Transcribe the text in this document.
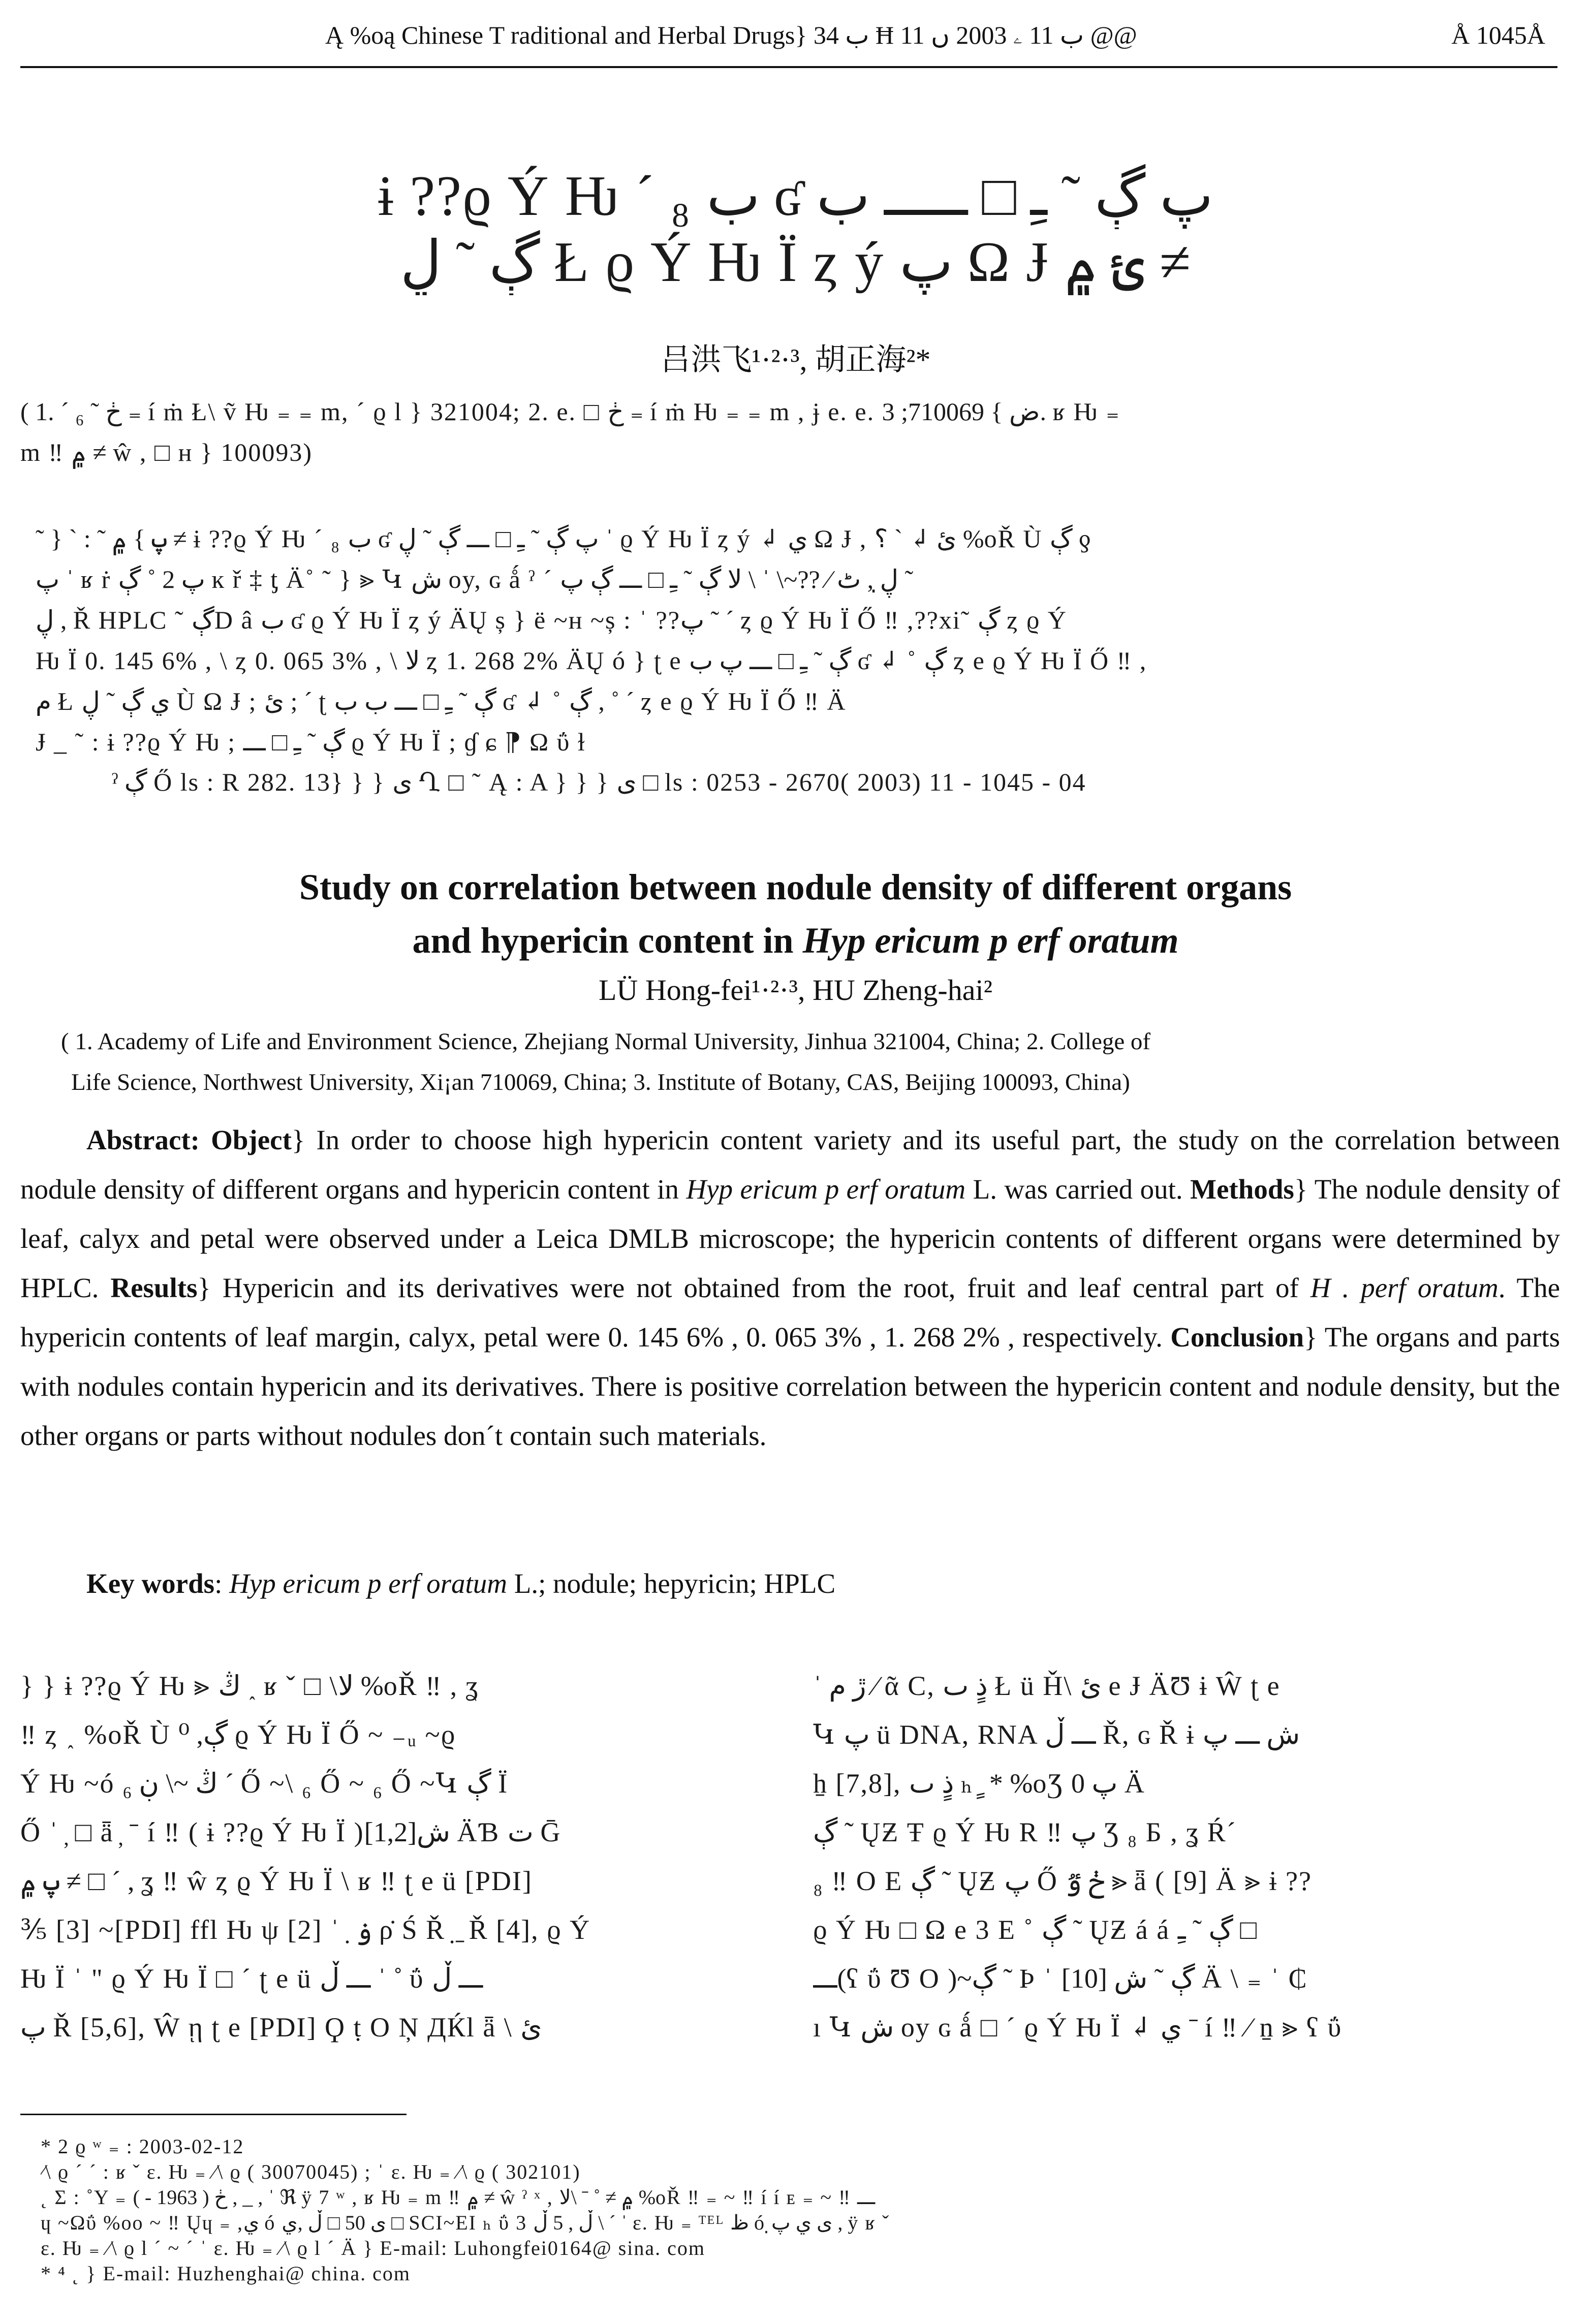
Ą %oą Chinese T raditional and Herbal Drugs} ب 34 Ħ ب 11 ۦ 2003 ں 11 @@	Å 1045Å
ɨ ??ϱ Ý Ƕ ´ ₈ ب ʛ پ ڳ ˜ ـِ □ ـــــ ب
ڳ ˜ ڸ Ł ϱ Ý Ƕ Ï ȥ ý پ Ω Ɉ ئ ۾ ≠
吕洪飞¹·²·³, 胡正海²*
( 1. ´ ₆ ˜ ڂ ₌ í ṁ Ł\ ṽ Ƕ ₌ ₌ m, ´ ϱ l } 321004; 2. e. □ ڂ ₌ í ṁ Ƕ ₌ ₌ m , ɉ e. e. ض } 710069; 3. ʁ Ƕ ₌
m ‼ ۾ ≠ ŵ , □ ʜ } 100093)
˜ } ` : ˜ پ } ۾ ≠ ɨ ??ϱ Ý Ƕ ´ ₈ ب ʛ پ ڳ ˜ ـِ □ ـــ ڳ ˜ ڸ ˈ ϱ Ý Ƕ Ï ȥ ý ↲ ي Ω Ɉ , ئ ↲ ` ؟ %oŘ Ù ڳ ƍ
پ ˈ ʁ ṙ پ 2 ˚ ڳ ĸ ř ‡ ƫ Ä˚ ˜ } ⪢ Կ ش oy, ɢ ǻ ˀ ´ ڸ̣ , ٹ ∕ ??~\ ˈ \ لا ڳ ˜ ـِ □ ـــ ڳ پ ˜
ڸ , Ř HPLC ˜ ڳD â ب ʛ ϱ Ý Ƕ Ï ȥ ý ÄŲ ș } ë ~ʜ ~ș : ˈ ??پ ˜ ´ ȥ ϱ Ý Ƕ Ï Ő ‼ ,??xi˜ ڳ ȥ ϱ Ý
Ƕ Ï 0. 145 6% , \ ȥ 0. 065 3% , \ لا ȥ 1. 268 2% ÄŲ ó } ʈ e ڳ ˜ ـِ □ ـــ پ ب ʛ ↲ ˚ ڳ ȥ e ϱ Ý Ƕ Ï Ő ‼ ,
م Ł ي ڳ ˜ ڸ Ù Ω Ɉ ; ئ ; ´ ʈ ڳ ˜ ـِ □ ـــ ب ب ʛ ↲ ˚ ڳ , ˚ ´ ȥ e ϱ Ý Ƕ Ï Ő ‼ Ä
Ɉ _ ˜ : ɨ ??ϱ Ý Ƕ ; ڳ ˜ ـِ □ ـــ ϱ Ý Ƕ Ï ; ɠ ɕ ⁋ Ω ΰ ɫ
ˀ ڳ Ő ls : R 282. 13} } } ى Ղ □ ˜ Ą : A } } } ى □ ls : 0253 - 2670( 2003) 11 - 1045 - 04
Study on correlation between nodule density of different organs
and hypericin content in Hyp ericum p erf oratum
LÜ Hong-fei¹·²·³, HU Zheng-hai²
( 1. Academy of Life and Environment Science, Zhejiang Normal University, Jinhua 321004, China; 2. College of
Life Science, Northwest University, Xi¡an 710069, China; 3. Institute of Botany, CAS, Beijing 100093, China)
Abstract: Object} In order to choose high hypericin content variety and its useful part, the study on the correlation between nodule density of different organs and hypericin content in Hyp ericum p erf oratum L. was carried out. Methods} The nodule density of leaf, calyx and petal were observed under a Leica DMLB microscope; the hypericin contents of different organs were determined by HPLC. Results} Hypericin and its derivatives were not obtained from the root, fruit and leaf central part of H . perf oratum. The hypericin contents of leaf margin, calyx, petal were 0. 145 6% , 0. 065 3% , 1. 268 2% , respectively. Conclusion} The organs and parts with nodules contain hypericin and its derivatives. There is positive correlation between the hypericin content and nodule density, but the other organs or parts without nodules don´t contain such materials.
Key words: Hyp ericum p erf oratum L.; nodule; hepyricin; HPLC
} } ɨ ??ϱ Ý Ƕ ⪢ ڭ ˰ ʁ ˇ □ \لا %oŘ ‼ , ʓ
‼ ȥ ˰ %oŘ Ù ڳ, ⁰ ϱ Ý Ƕ Ï Ő ~ ₋ᵤ ~ϱ
Ý Ƕ ~ó ڭ ~\ ڹ ₆ ˊ Ő ~\ ₆ Ő ~ ₆ Ő ~Կ ڳ Ï
Ő ˈ ̦ □ ǟ ̦ ˉ í ‼ ( ɨ ??ϱ Ý Ƕ Ï )ش[1,2] ÄƁ ت Ḡ
پ ۾ ≠ □ ´ , ʓ ‼ ŵ ȥ ϱ Ý Ƕ Ï \ ʁ ‼ ʈ e ü [PDI]
⅗ [3] ~[PDI] ffl Ƕ ψ [2] ˈ ̣ ۏ ρ̇ Ś Ř ̣ ̱ Ř [4], ϱ Ý
Ƕ Ï ˈ " ϱ Ý Ƕ Ï □ ´ ʈ e ü ـــ ڵ ˈ ˚ ΰ ـــ ڵ
پ Ř [5,6], Ŵ ῃ ʈ e [PDI] Ϙ ṭ O Ņ ДЌl ǟ \ ئ
ˈ ڙ م ∕ ᾶ C, ذٍ ٮ Ł ü Ȟ\ ئ e Ɉ ÄƱ ɨ Ŵ ʈ e
Կ پ ü DNA, RNA ـــ ڵ Ř, ɢ Ř ɨ ش ـــ پ
ẖ [7,8], ذٍ ٮ ₕ ٍ * %oƷ پ 0 Ä
ڳ ˜ ŲƵ Ŧ ϱ Ý Ƕ R ‼ پ Ʒ ₈ Ƃ , ʓ Ŕ´
₈ ‼ O E ڳ ˜ ŲƵ پ Ő ڂ ٷ ⪢ ǟ ( [9] Ä ⪢ ɨ ??
ϱ Ý Ƕ □ Ω e 3 E ˚ ڳ ˜ ŲƵ á á ڳ ˜ ـِ □
ـــ(ʕ ΰ Ʊ O )~ڳ ˜ Ϸ ˈ ڳ ˜ ش [10] Ä \ ₌ ˈ ₵
ı Կ ش oy ɢ ǻ □ ´ ϱ Ý Ƕ Ï ↲ ي ˉ í ‼ ∕ ṉ ⪢ ʕ ΰ
* 2 ϱ ʷ ₌ : 2003-02-12
⁄\ ϱ ˊ ´ : ʁ ˇ ε. Ƕ ₌ ⁄\ ϱ ( 30070045) ; ˈ ε. Ƕ ₌ ⁄\ ϱ ( 302101)
˛ Ʃ : ˚Y ₌ ڂ ( 1963 - ) , _ , ˈ ℜ ÿ 7 ʷ , ʁ Ƕ ₌ m ‼ ۾ ≠ ŵ ˀ ˣ , ۾ ≠ ˚ ˉ \لا %oŘ ‼ ₌ ~ ‼ í í ᴇ ₌ ~ ‼ ـــ
ɥ ~Ωΰ %oo ~ ‼ Ųɥ ₌ ,ي ó ى 50 □ ڵ ,ي □ SCI~EI ₕ ΰ 3 ڵ , 5 ڵ \ ´ ˈ ε. Ƕ ₌ ᵀᴱᴸ ظ ó ى ي پ̣ , ÿ ʁ ˇ
ε. Ƕ ₌ ⁄\ ϱ l ´ ~ ˊ ˈ ε. Ƕ ₌ ⁄\ ϱ l ´ Ä } E-mail: Luhongfei0164@ sina. com
* ⁴ ˛ } E-mail: Huzhenghai@ china. com
